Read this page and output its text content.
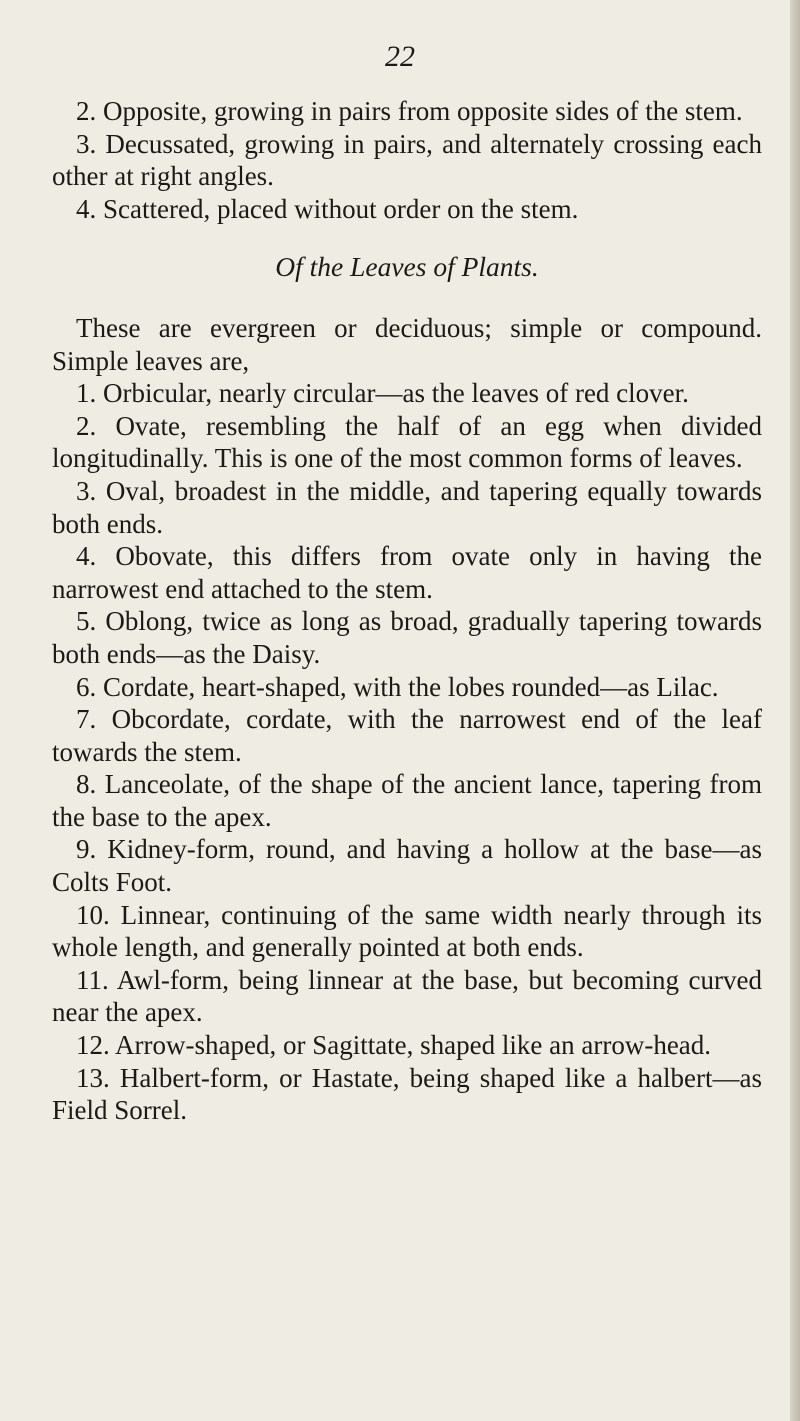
22

2. Opposite, growing in pairs from opposite sides of the stem.

3. Decussated, growing in pairs, and alternately crossing each other at right angles.

4. Scattered, placed without order on the stem.

Of the Leaves of Plants.

These are evergreen or deciduous; simple or compound. Simple leaves are,

1. Orbicular, nearly circular—as the leaves of red clover.

2. Ovate, resembling the half of an egg when divided longitudinally. This is one of the most common forms of leaves.

3. Oval, broadest in the middle, and tapering equally towards both ends.

4. Obovate, this differs from ovate only in having the narrowest end attached to the stem.

5. Oblong, twice as long as broad, gradually tapering towards both ends—as the Daisy.

6. Cordate, heart-shaped, with the lobes rounded—as Lilac.

7. Obcordate, cordate, with the narrowest end of the leaf towards the stem.

8. Lanceolate, of the shape of the ancient lance, tapering from the base to the apex.

9. Kidney-form, round, and having a hollow at the base—as Colts Foot.

10. Linnear, continuing of the same width nearly through its whole length, and generally pointed at both ends.

11. Awl-form, being linnear at the base, but becoming curved near the apex.

12. Arrow-shaped, or Sagittate, shaped like an arrow-head.

13. Halbert-form, or Hastate, being shaped like a halbert—as Field Sorrel.
